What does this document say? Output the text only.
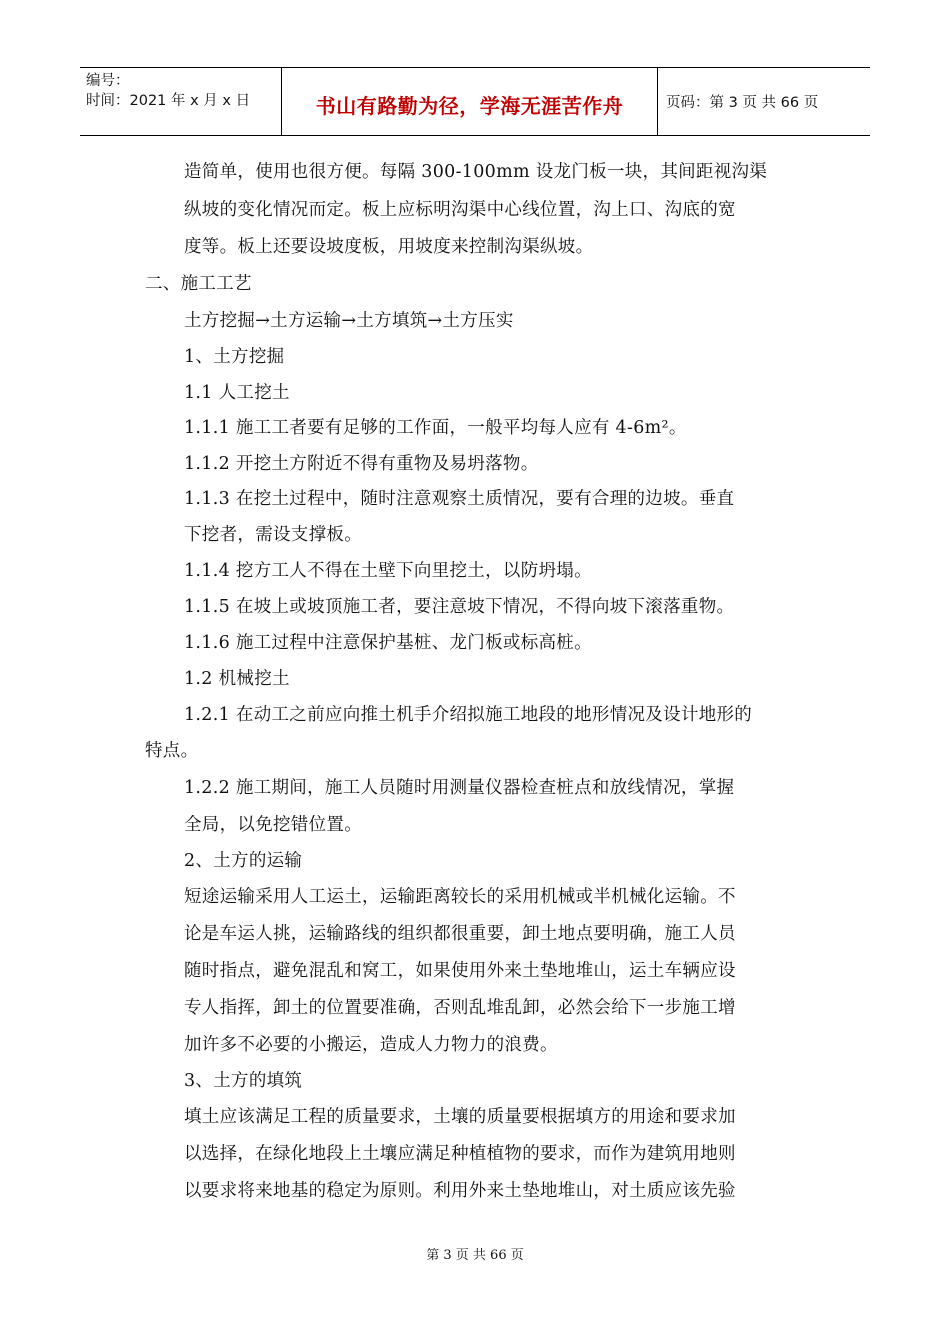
编号：
时间：2021 年 x 月 x 日	书山有路勤为径，学海无涯苦作舟	页码：第 3 页 共 66 页
造简单，使用也很方便。每隔 300-100mm 设龙门板一块，其间距视沟渠
纵坡的变化情况而定。板上应标明沟渠中心线位置，沟上口、沟底的宽
度等。板上还要设坡度板，用坡度来控制沟渠纵坡。
二、施工工艺
土方挖掘→土方运输→土方填筑→土方压实
1、土方挖掘
1.1 人工挖土
1.1.1 施工工者要有足够的工作面，一般平均每人应有 4-6m²。
1.1.2 开挖土方附近不得有重物及易坍落物。
1.1.3 在挖土过程中，随时注意观察土质情况，要有合理的边坡。垂直
下挖者，需设支撑板。
1.1.4 挖方工人不得在土壁下向里挖土，以防坍塌。
1.1.5 在坡上或坡顶施工者，要注意坡下情况，不得向坡下滚落重物。
1.1.6 施工过程中注意保护基桩、龙门板或标高桩。
1.2 机械挖土
1.2.1 在动工之前应向推土机手介绍拟施工地段的地形情况及设计地形的
特点。
1.2.2 施工期间，施工人员随时用测量仪器检查桩点和放线情况，掌握
全局，以免挖错位置。
2、土方的运输
短途运输采用人工运土，运输距离较长的采用机械或半机械化运输。不
论是车运人挑，运输路线的组织都很重要，卸土地点要明确，施工人员
随时指点，避免混乱和窝工，如果使用外来土垫地堆山，运土车辆应设
专人指挥，卸土的位置要准确，否则乱堆乱卸，必然会给下一步施工增
加许多不必要的小搬运，造成人力物力的浪费。
3、土方的填筑
填土应该满足工程的质量要求，土壤的质量要根据填方的用途和要求加
以选择，在绿化地段上土壤应满足种植植物的要求，而作为建筑用地则
以要求将来地基的稳定为原则。利用外来土垫地堆山，对土质应该先验
第 3 页 共 66 页
